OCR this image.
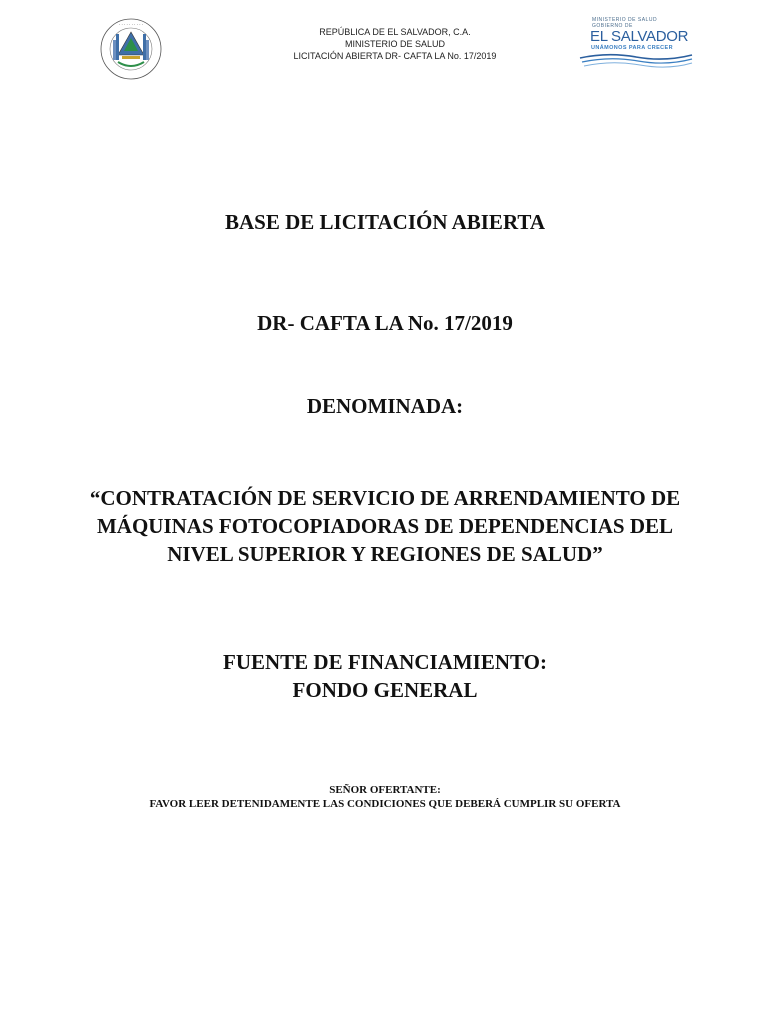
· · · · · · · · · ·
REPÚBLICA DE EL SALVADOR, C.A.
MINISTERIO DE SALUD
LICITACIÓN ABIERTA DR- CAFTA LA No. 17/2019
MINISTERIO DE SALUD
GOBIERNO DE
EL SALVADOR
UNÁMONOS PARA CRECER
BASE DE LICITACIÓN ABIERTA
DR- CAFTA LA No. 17/2019
DENOMINADA:
“CONTRATACIÓN DE SERVICIO DE ARRENDAMIENTO DE
MÁQUINAS FOTOCOPIADORAS DE DEPENDENCIAS DEL
NIVEL SUPERIOR Y REGIONES DE SALUD”
FUENTE DE FINANCIAMIENTO:
FONDO GENERAL
SEÑOR OFERTANTE:
FAVOR LEER DETENIDAMENTE LAS CONDICIONES QUE DEBERÁ CUMPLIR SU OFERTA
